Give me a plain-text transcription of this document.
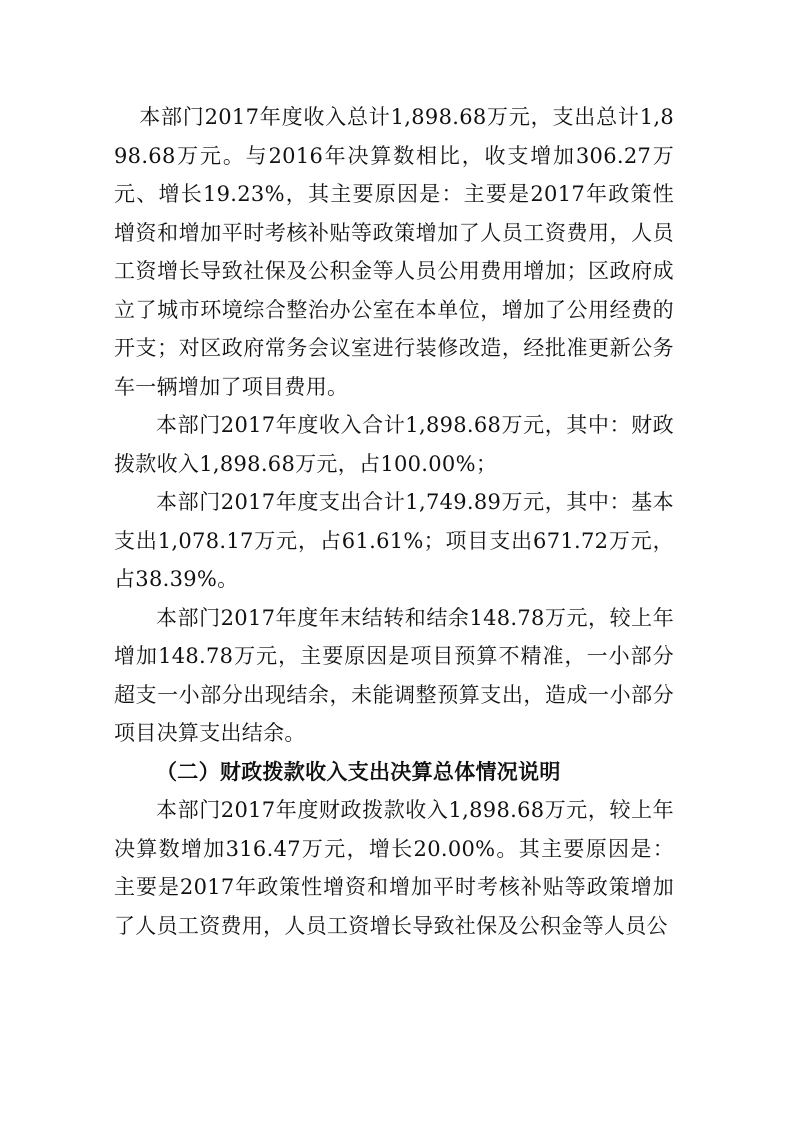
本部门2017年度收入总计1,898.68万元，支出总计1,898.68万元。与2016年决算数相比，收支增加306.27万元、增长19.23%，其主要原因是：主要是2017年政策性增资和增加平时考核补贴等政策增加了人员工资费用，人员工资增长导致社保及公积金等人员公用费用增加；区政府成立了城市环境综合整治办公室在本单位，增加了公用经费的开支；对区政府常务会议室进行装修改造，经批准更新公务车一辆增加了项目费用。

本部门2017年度收入合计1,898.68万元，其中：财政拨款收入1,898.68万元，占100.00%；

本部门2017年度支出合计1,749.89万元，其中：基本支出1,078.17万元，占61.61%；项目支出671.72万元，占38.39%。

本部门2017年度年末结转和结余148.78万元，较上年增加148.78万元，主要原因是项目预算不精准，一小部分超支一小部分出现结余，未能调整预算支出，造成一小部分项目决算支出结余。

（二）财政拨款收入支出决算总体情况说明

本部门2017年度财政拨款收入1,898.68万元，较上年决算数增加316.47万元，增长20.00%。其主要原因是：主要是2017年政策性增资和增加平时考核补贴等政策增加了人员工资费用，人员工资增长导致社保及公积金等人员公
